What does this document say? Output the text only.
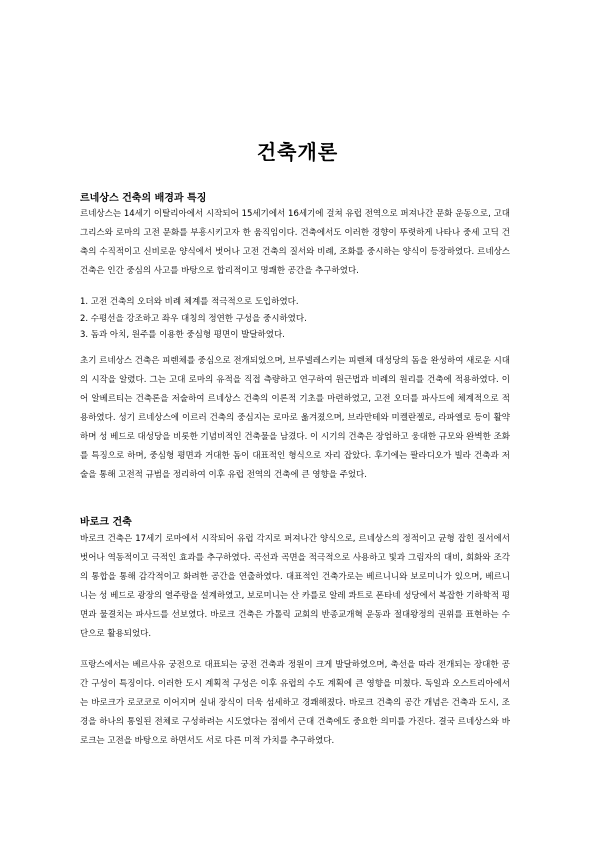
건축개론
르네상스 건축의 배경과 특징
르네상스는 14세기 이탈리아에서 시작되어 15세기에서 16세기에 걸쳐 유럽 전역으로 퍼져나간 문화 운동으로, 고대 그리스와 로마의 고전 문화를 부흥시키고자 한 움직임이다. 건축에서도 이러한 경향이 뚜렷하게 나타나 중세 고딕 건축의 수직적이고 신비로운 양식에서 벗어나 고전 건축의 질서와 비례, 조화를 중시하는 양식이 등장하였다. 르네상스 건축은 인간 중심의 사고를 바탕으로 합리적이고 명쾌한 공간을 추구하였다.
1. 고전 건축의 오더와 비례 체계를 적극적으로 도입하였다.
2. 수평선을 강조하고 좌우 대칭의 정연한 구성을 중시하였다.
3. 돔과 아치, 원주를 이용한 중심형 평면이 발달하였다.
초기 르네상스 건축은 피렌체를 중심으로 전개되었으며, 브루넬레스키는 피렌체 대성당의 돔을 완성하여 새로운 시대의 시작을 알렸다. 그는 고대 로마의 유적을 직접 측량하고 연구하여 원근법과 비례의 원리를 건축에 적용하였다. 이어 알베르티는 건축론을 저술하여 르네상스 건축의 이론적 기초를 마련하였고, 고전 오더를 파사드에 체계적으로 적용하였다. 성기 르네상스에 이르러 건축의 중심지는 로마로 옮겨졌으며, 브라만테와 미켈란젤로, 라파엘로 등이 활약하며 성 베드로 대성당을 비롯한 기념비적인 건축물을 남겼다. 이 시기의 건축은 장엄하고 웅대한 규모와 완벽한 조화를 특징으로 하며, 중심형 평면과 거대한 돔이 대표적인 형식으로 자리 잡았다. 후기에는 팔라디오가 빌라 건축과 저술을 통해 고전적 규범을 정리하여 이후 유럽 전역의 건축에 큰 영향을 주었다.
바로크 건축
바로크 건축은 17세기 로마에서 시작되어 유럽 각지로 퍼져나간 양식으로, 르네상스의 정적이고 균형 잡힌 질서에서 벗어나 역동적이고 극적인 효과를 추구하였다. 곡선과 곡면을 적극적으로 사용하고 빛과 그림자의 대비, 회화와 조각의 통합을 통해 감각적이고 화려한 공간을 연출하였다. 대표적인 건축가로는 베르니니와 보로미니가 있으며, 베르니니는 성 베드로 광장의 열주랑을 설계하였고, 보로미니는 산 카를로 알레 콰트로 폰타네 성당에서 복잡한 기하학적 평면과 물결치는 파사드를 선보였다. 바로크 건축은 가톨릭 교회의 반종교개혁 운동과 절대왕정의 권위를 표현하는 수단으로 활용되었다.
프랑스에서는 베르사유 궁전으로 대표되는 궁전 건축과 정원이 크게 발달하였으며, 축선을 따라 전개되는 장대한 공간 구성이 특징이다. 이러한 도시 계획적 구성은 이후 유럽의 수도 계획에 큰 영향을 미쳤다. 독일과 오스트리아에서는 바로크가 로코코로 이어지며 실내 장식이 더욱 섬세하고 경쾌해졌다. 바로크 건축의 공간 개념은 건축과 도시, 조경을 하나의 통일된 전체로 구성하려는 시도였다는 점에서 근대 건축에도 중요한 의미를 가진다. 결국 르네상스와 바로크는 고전을 바탕으로 하면서도 서로 다른 미적 가치를 추구하였다.
